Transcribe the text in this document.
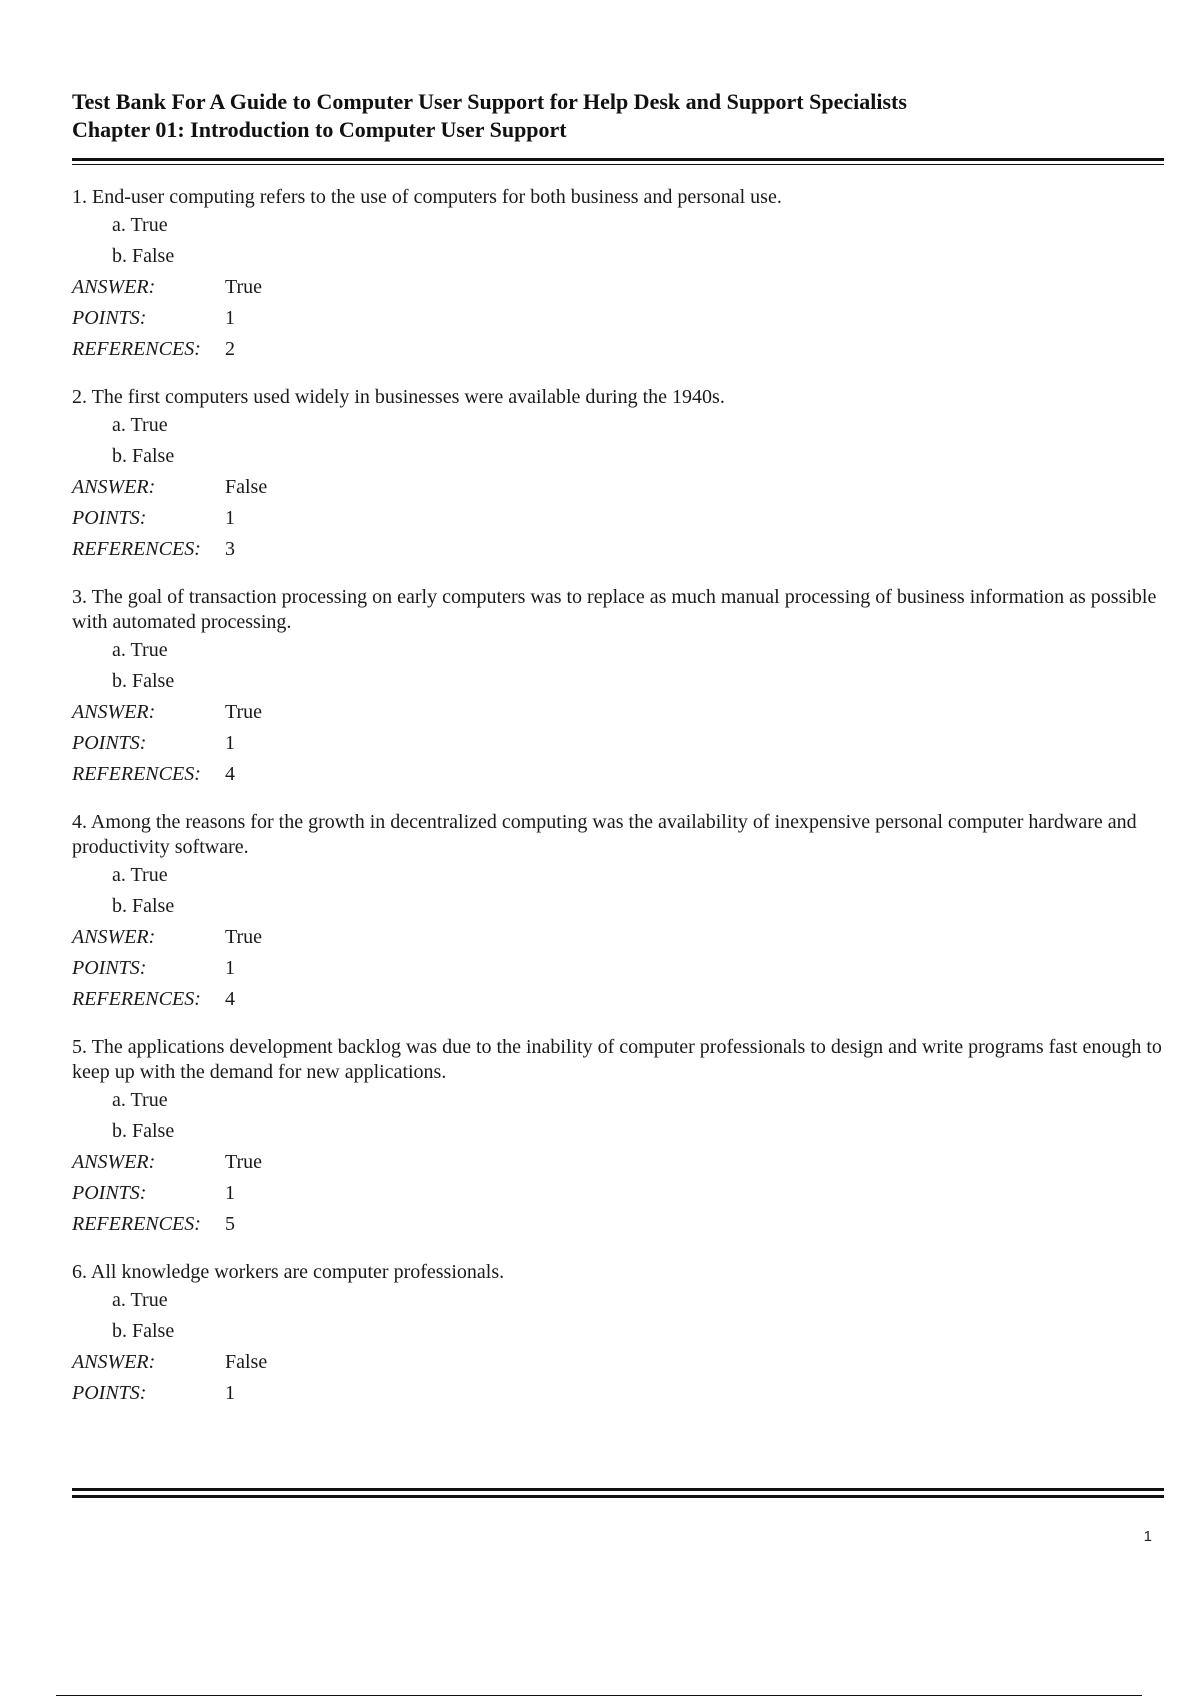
Test Bank For A Guide to Computer User Support for Help Desk and Support Specialists
Chapter 01: Introduction to Computer User Support
1. End-user computing refers to the use of computers for both business and personal use.
a. True
b. False
ANSWER:	True
POINTS:	1
REFERENCES:	2
2. The first computers used widely in businesses were available during the 1940s.
a. True
b. False
ANSWER:	False
POINTS:	1
REFERENCES:	3
3. The goal of transaction processing on early computers was to replace as much manual processing of business information as possible with automated processing.
a. True
b. False
ANSWER:	True
POINTS:	1
REFERENCES:	4
4. Among the reasons for the growth in decentralized computing was the availability of inexpensive personal computer hardware and productivity software.
a. True
b. False
ANSWER:	True
POINTS:	1
REFERENCES:	4
5. The applications development backlog was due to the inability of computer professionals to design and write programs fast enough to keep up with the demand for new applications.
a. True
b. False
ANSWER:	True
POINTS:	1
REFERENCES:	5
6. All knowledge workers are computer professionals.
a. True
b. False
ANSWER:	False
POINTS:	1
1
